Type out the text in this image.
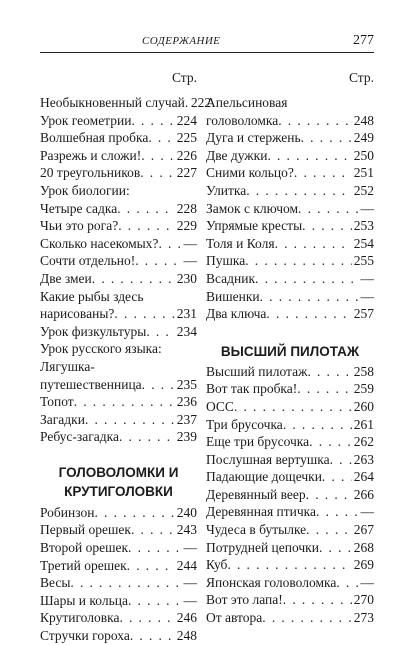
СОДЕРЖАНИЕ	277
Стр.
Необыкновенный случай . . . 222
Урок геометрии . . .	224
Волшебная пробка . . . 225
Разрежь и сложи! . . .	226
20 треугольников . . .	227
Урок биологии:
Четыре садка . . .	228
Чьи это рога? . . .	229
Сколько насекомых? . . . —
Сочти отдельно! . . .	—
Две змеи . . .	230
Какие рыбы здесь
нарисованы? . . .	231
Урок физкультуры . . . 234
Урок русского языка:
Лягушка-
путешественница . . .	235
Топот . . .	236
Загадки . . .	237
Ребус-загадка . . .	239
ГОЛОВОЛОМКИ И КРУТИГОЛОВКИ
Робинзон . . .	240
Первый орешек . . .	243
Второй орешек . . .	—
Третий орешек . . .	244
Весы . . .	—
Шары и кольца . . .	—
Крутиголовка . . .	246
Стручки гороха . . .	248
Стр.
Апельсиновая
головоломка . . .	248
Дуга и стержень . . .	249
Две дужки . . .	250
Сними кольцо? . . .	251
Улитка . . .	252
Замок с ключом . . .	—
Упрямые кресты . . .	253
Толя и Коля . . .	254
Пушка . . .	255
Всадник . . .	—
Вишенки . . .	—
Два ключа . . .	257
ВЫСШИЙ ПИЛОТАЖ
Высший пилотаж . . .	258
Вот так пробка! . . .	259
ОСС . . .	260
Три брусочка . . .	261
Еще три брусочка . . .	262
Послушная вертушка . . . 263
Падающие дощечки . . . 264
Деревянный веер . . .	266
Деревянная птичка . . .	—
Чудеса в бутылке . . .	267
Потрудней цепочки . . .	268
Куб . . .	269
Японская головоломка . . . —
Вот это лапа! . . .	270
От автора . . .	273
